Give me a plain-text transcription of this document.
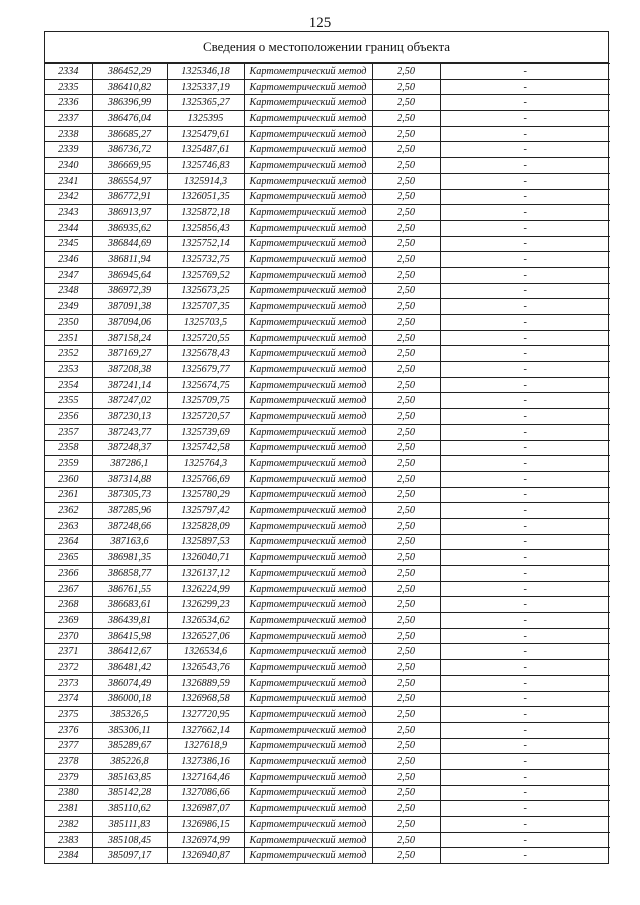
125
Сведения о местоположении границ объекта
2334	386452,29	1325346,18	Картометрический метод	2,50	-
2335	386410,82	1325337,19	Картометрический метод	2,50	-
2336	386396,99	1325365,27	Картометрический метод	2,50	-
2337	386476,04	1325395	Картометрический метод	2,50	-
2338	386685,27	1325479,61	Картометрический метод	2,50	-
2339	386736,72	1325487,61	Картометрический метод	2,50	-
2340	386669,95	1325746,83	Картометрический метод	2,50	-
2341	386554,97	1325914,3	Картометрический метод	2,50	-
2342	386772,91	1326051,35	Картометрический метод	2,50	-
2343	386913,97	1325872,18	Картометрический метод	2,50	-
2344	386935,62	1325856,43	Картометрический метод	2,50	-
2345	386844,69	1325752,14	Картометрический метод	2,50	-
2346	386811,94	1325732,75	Картометрический метод	2,50	-
2347	386945,64	1325769,52	Картометрический метод	2,50	-
2348	386972,39	1325673,25	Картометрический метод	2,50	-
2349	387091,38	1325707,35	Картометрический метод	2,50	-
2350	387094,06	1325703,5	Картометрический метод	2,50	-
2351	387158,24	1325720,55	Картометрический метод	2,50	-
2352	387169,27	1325678,43	Картометрический метод	2,50	-
2353	387208,38	1325679,77	Картометрический метод	2,50	-
2354	387241,14	1325674,75	Картометрический метод	2,50	-
2355	387247,02	1325709,75	Картометрический метод	2,50	-
2356	387230,13	1325720,57	Картометрический метод	2,50	-
2357	387243,77	1325739,69	Картометрический метод	2,50	-
2358	387248,37	1325742,58	Картометрический метод	2,50	-
2359	387286,1	1325764,3	Картометрический метод	2,50	-
2360	387314,88	1325766,69	Картометрический метод	2,50	-
2361	387305,73	1325780,29	Картометрический метод	2,50	-
2362	387285,96	1325797,42	Картометрический метод	2,50	-
2363	387248,66	1325828,09	Картометрический метод	2,50	-
2364	387163,6	1325897,53	Картометрический метод	2,50	-
2365	386981,35	1326040,71	Картометрический метод	2,50	-
2366	386858,77	1326137,12	Картометрический метод	2,50	-
2367	386761,55	1326224,99	Картометрический метод	2,50	-
2368	386683,61	1326299,23	Картометрический метод	2,50	-
2369	386439,81	1326534,62	Картометрический метод	2,50	-
2370	386415,98	1326527,06	Картометрический метод	2,50	-
2371	386412,67	1326534,6	Картометрический метод	2,50	-
2372	386481,42	1326543,76	Картометрический метод	2,50	-
2373	386074,49	1326889,59	Картометрический метод	2,50	-
2374	386000,18	1326968,58	Картометрический метод	2,50	-
2375	385326,5	1327720,95	Картометрический метод	2,50	-
2376	385306,11	1327662,14	Картометрический метод	2,50	-
2377	385289,67	1327618,9	Картометрический метод	2,50	-
2378	385226,8	1327386,16	Картометрический метод	2,50	-
2379	385163,85	1327164,46	Картометрический метод	2,50	-
2380	385142,28	1327086,66	Картометрический метод	2,50	-
2381	385110,62	1326987,07	Картометрический метод	2,50	-
2382	385111,83	1326986,15	Картометрический метод	2,50	-
2383	385108,45	1326974,99	Картометрический метод	2,50	-
2384	385097,17	1326940,87	Картометрический метод	2,50	-
